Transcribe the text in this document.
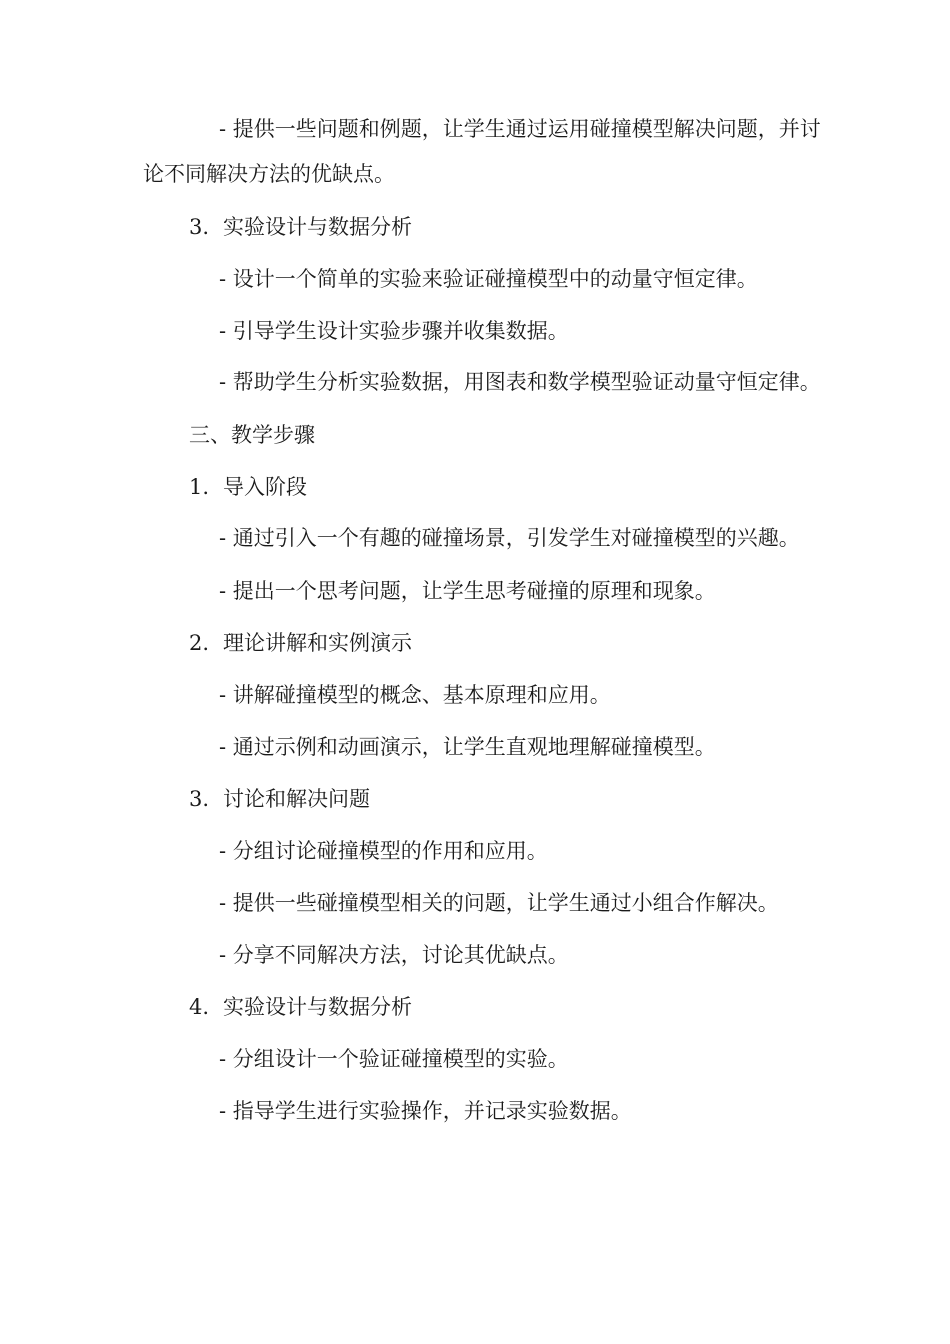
- 提供一些问题和例题，让学生通过运用碰撞模型解决问题，并讨论不同解决方法的优缺点。

3. 实验设计与数据分析

- 设计一个简单的实验来验证碰撞模型中的动量守恒定律。

- 引导学生设计实验步骤并收集数据。

- 帮助学生分析实验数据，用图表和数学模型验证动量守恒定律。

三、教学步骤

1. 导入阶段

- 通过引入一个有趣的碰撞场景，引发学生对碰撞模型的兴趣。

- 提出一个思考问题，让学生思考碰撞的原理和现象。

2. 理论讲解和实例演示

- 讲解碰撞模型的概念、基本原理和应用。

- 通过示例和动画演示，让学生直观地理解碰撞模型。

3. 讨论和解决问题

- 分组讨论碰撞模型的作用和应用。

- 提供一些碰撞模型相关的问题，让学生通过小组合作解决。

- 分享不同解决方法，讨论其优缺点。

4. 实验设计与数据分析

- 分组设计一个验证碰撞模型的实验。

- 指导学生进行实验操作，并记录实验数据。
